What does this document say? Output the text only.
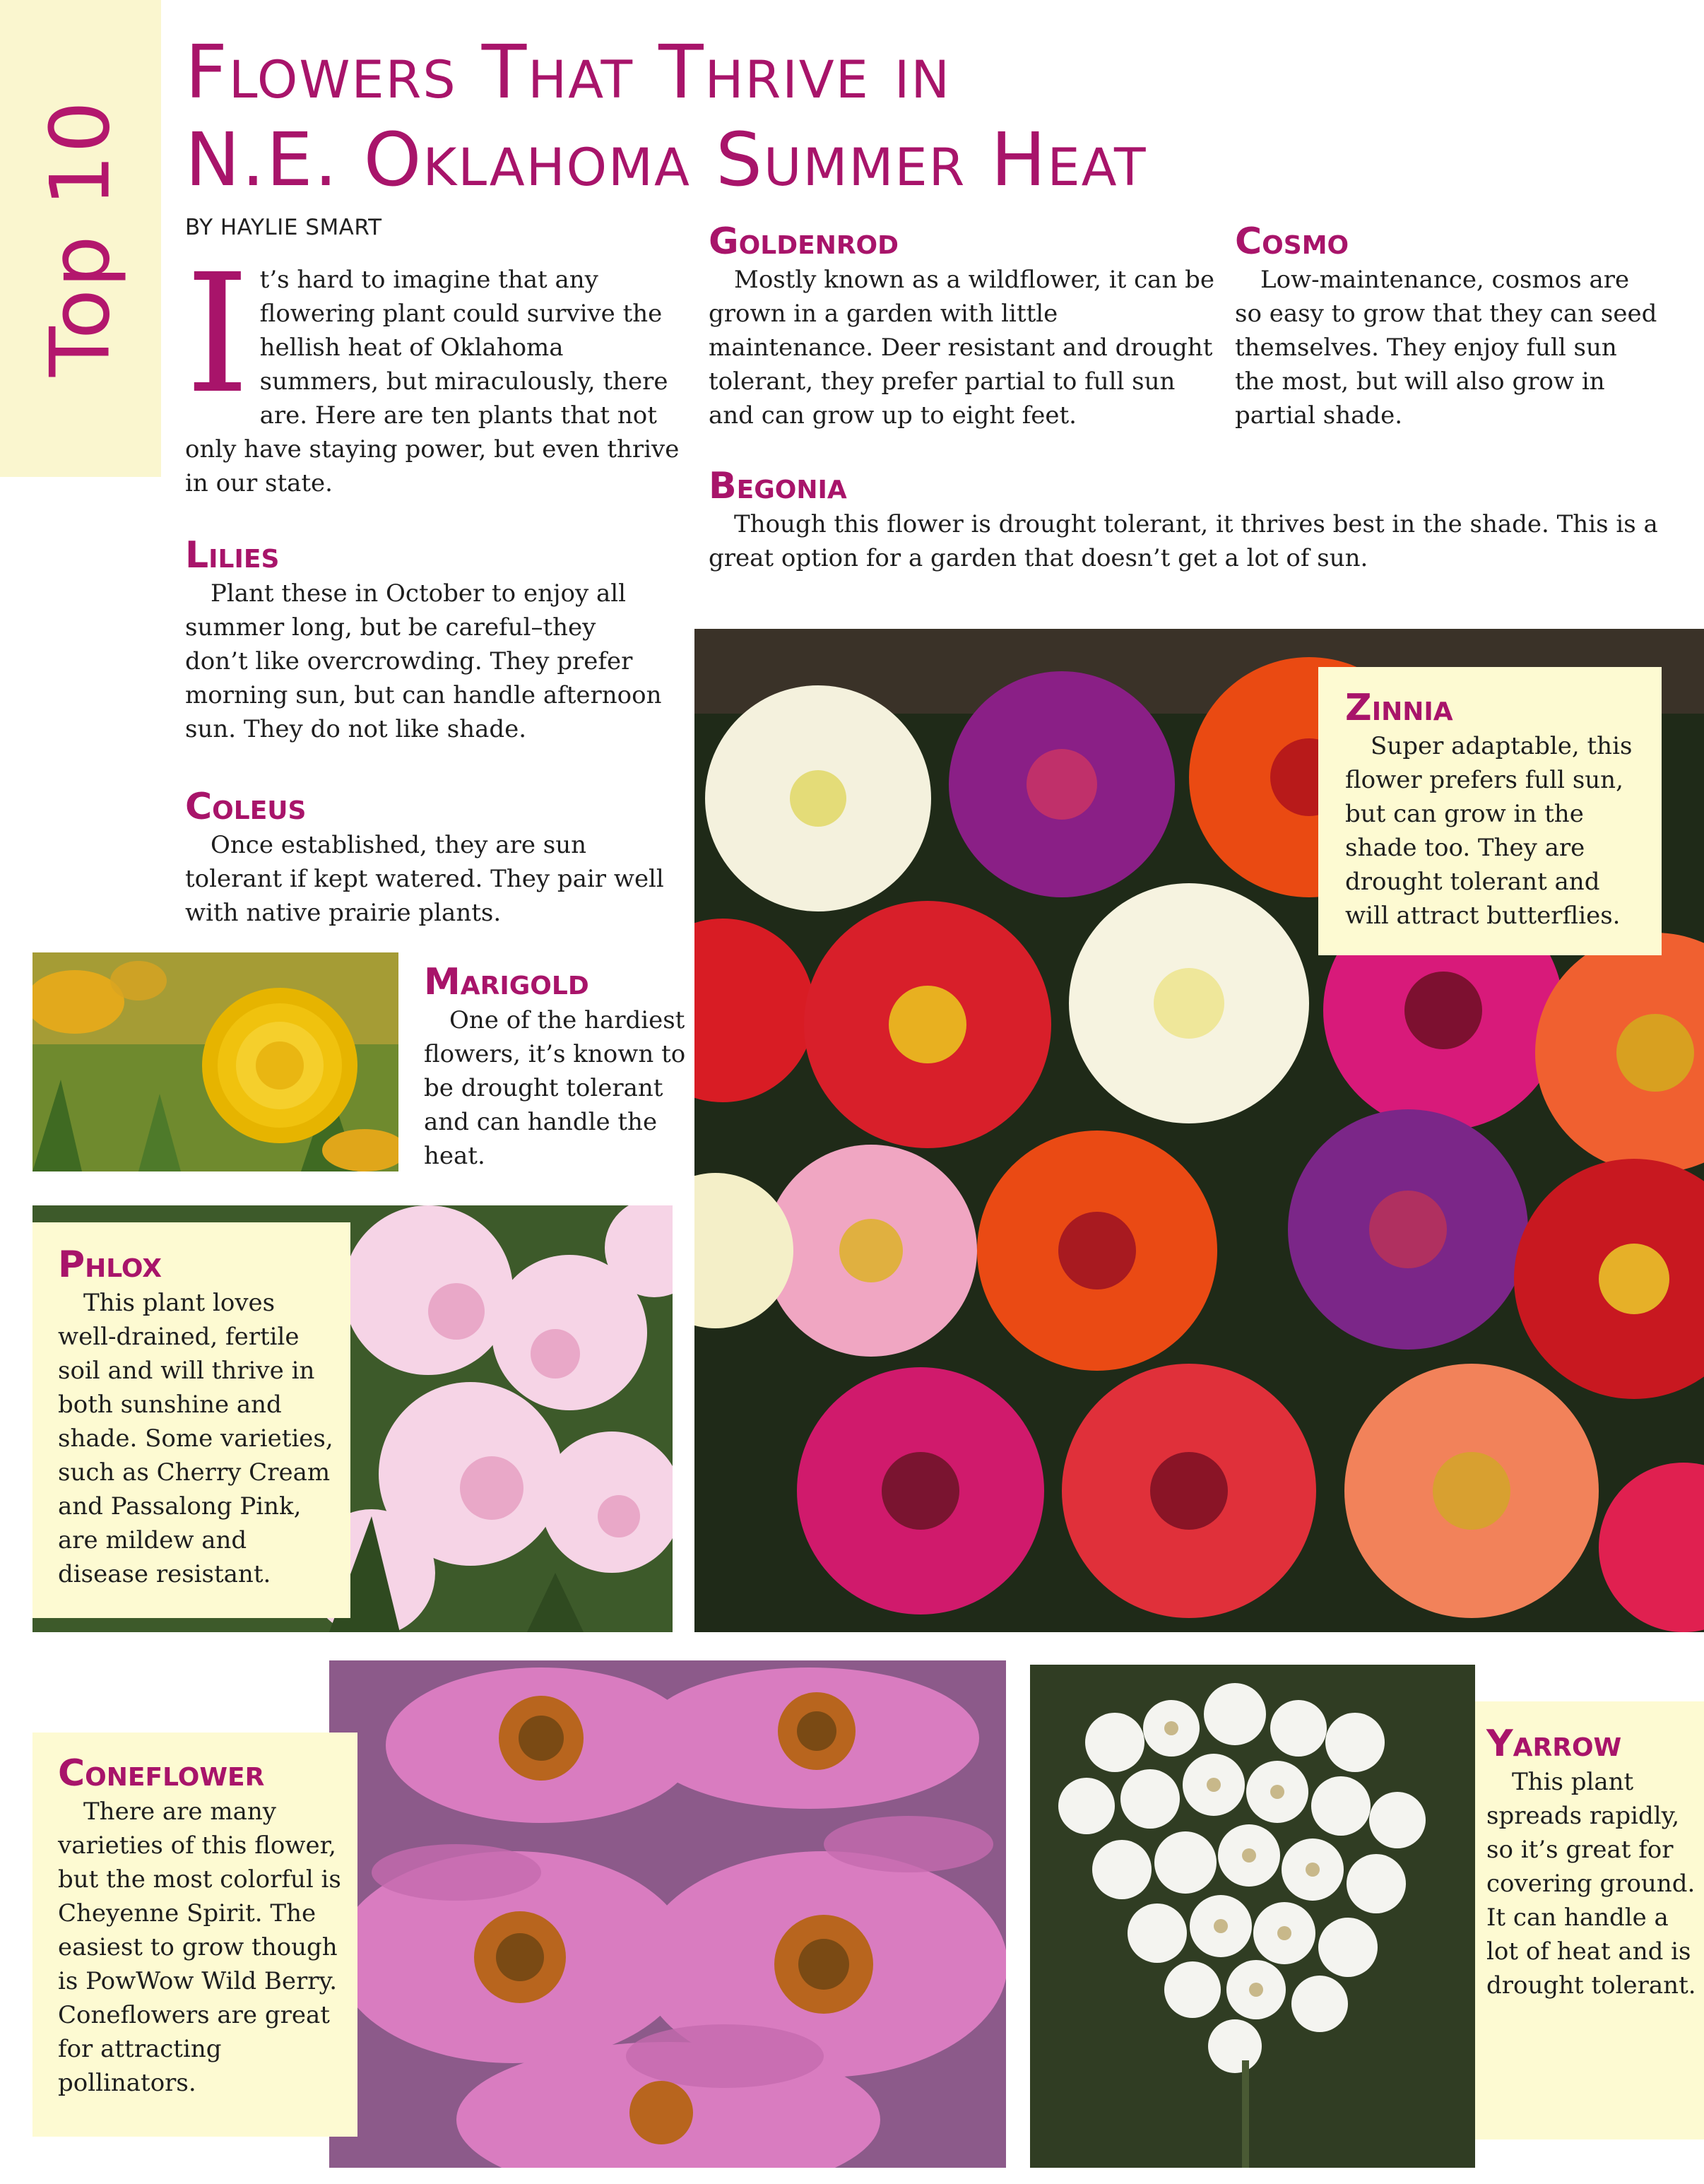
Top 10
Flowers That Thrive in
N.E. Oklahoma Summer Heat
BY HAYLIE SMART
I t’s hard to imagine that any flowering plant could survive the hellish heat of Oklahoma summers, but miraculously, there are. Here are ten plants that not only have staying power, but even thrive in our state.

Goldenrod

Mostly known as a wildflower, it can be grown in a garden with little maintenance. Deer resistant and drought tolerant, they prefer partial to full sun and can grow up to eight feet.

Cosmo

Low-maintenance, cosmos are so easy to grow that they can seed themselves. They enjoy full sun the most, but will also grow in partial shade.

Begonia

Though this flower is drought tolerant, it thrives best in the shade. This is a great option for a garden that doesn’t get a lot of sun.

Lilies

Plant these in October to enjoy all summer long, but be careful–they don’t like overcrowding. They prefer morning sun, but can handle afternoon sun. They do not like shade.

Coleus

Once established, they are sun tolerant if kept watered. They pair well with native prairie plants.

Marigold

One of the hardiest flowers, it’s known to be drought tolerant and can handle the heat.

Zinnia

Super adaptable, this flower prefers full sun, but can grow in the shade too. They are drought tolerant and will attract butterflies.

Phlox

This plant loves well-drained, fertile soil and will thrive in both sunshine and shade. Some varieties, such as Cherry Cream and Passalong Pink, are mildew and disease resistant.

Coneflower

There are many varieties of this flower, but the most colorful is Cheyenne Spirit. The easiest to grow though is PowWow Wild Berry. Coneflowers are great for attracting pollinators.

Yarrow

This plant spreads rapidly, so it’s great for covering ground. It can handle a lot of heat and is drought tolerant.
